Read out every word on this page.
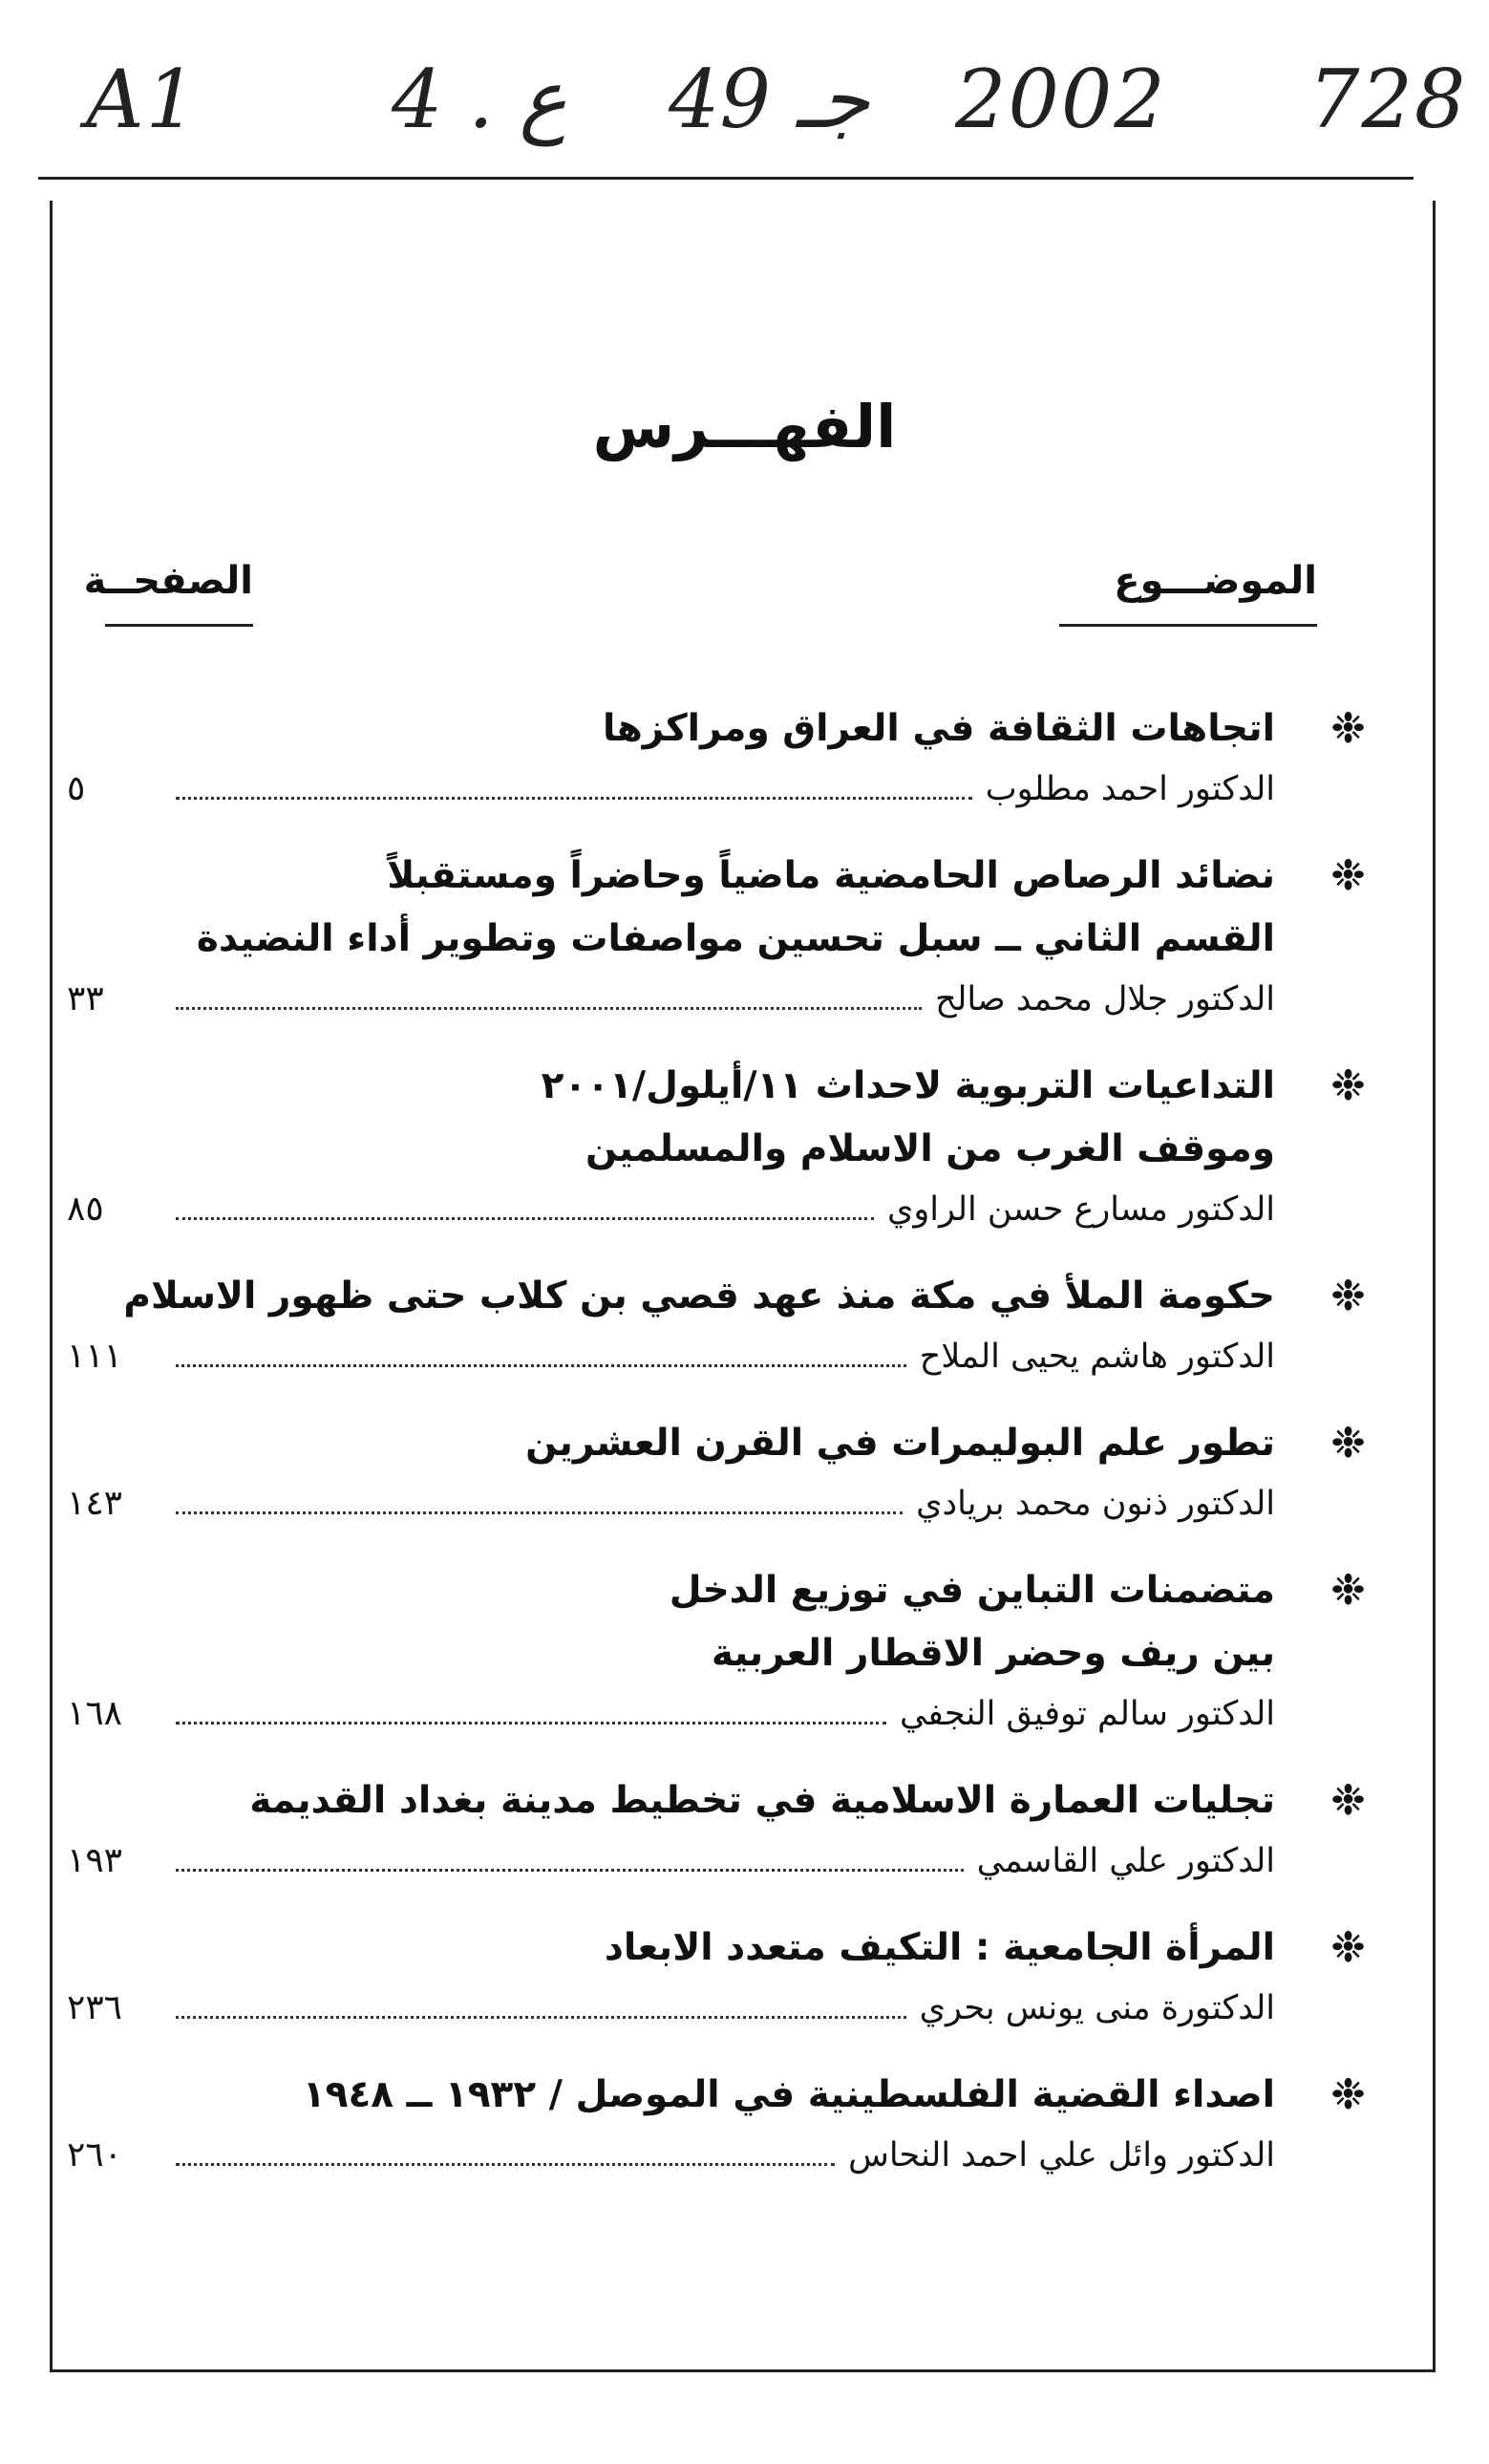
A1 4 . ع 49 جـ 2002 728
الفهـــرس
الموضـــوع
الصفحــة
❉
اتجاهات الثقافة في العراق ومراكزها
الدكتور احمد مطلوب
٥
❉
نضائد الرصاص الحامضية ماضياً وحاضراً ومستقبلاً
القسم الثاني ــ سبل تحسين مواصفات وتطوير أداء النضيدة
الدكتور جلال محمد صالح
٣٣
❉
التداعيات التربوية لاحداث ١١/أيلول/٢٠٠١
وموقف الغرب من الاسلام والمسلمين
الدكتور مسارع حسن الراوي
٨٥
❉
حكومة الملأ في مكة منذ عهد قصي بن كلاب حتى ظهور الاسلام
الدكتور هاشم يحيى الملاح
١١١
❉
تطور علم البوليمرات في القرن العشرين
الدكتور ذنون محمد بريادي
١٤٣
❉
متضمنات التباين في توزيع الدخل
بين ريف وحضر الاقطار العربية
الدكتور سالم توفيق النجفي
١٦٨
❉
تجليات العمارة الاسلامية في تخطيط مدينة بغداد القديمة
الدكتور علي القاسمي
١٩٣
❉
المرأة الجامعية : التكيف متعدد الابعاد
الدكتورة منى يونس بحري
٢٣٦
❉
اصداء القضية الفلسطينية في الموصل / ١٩٣٢ ــ ١٩٤٨
الدكتور وائل علي احمد النحاس
٢٦٠
